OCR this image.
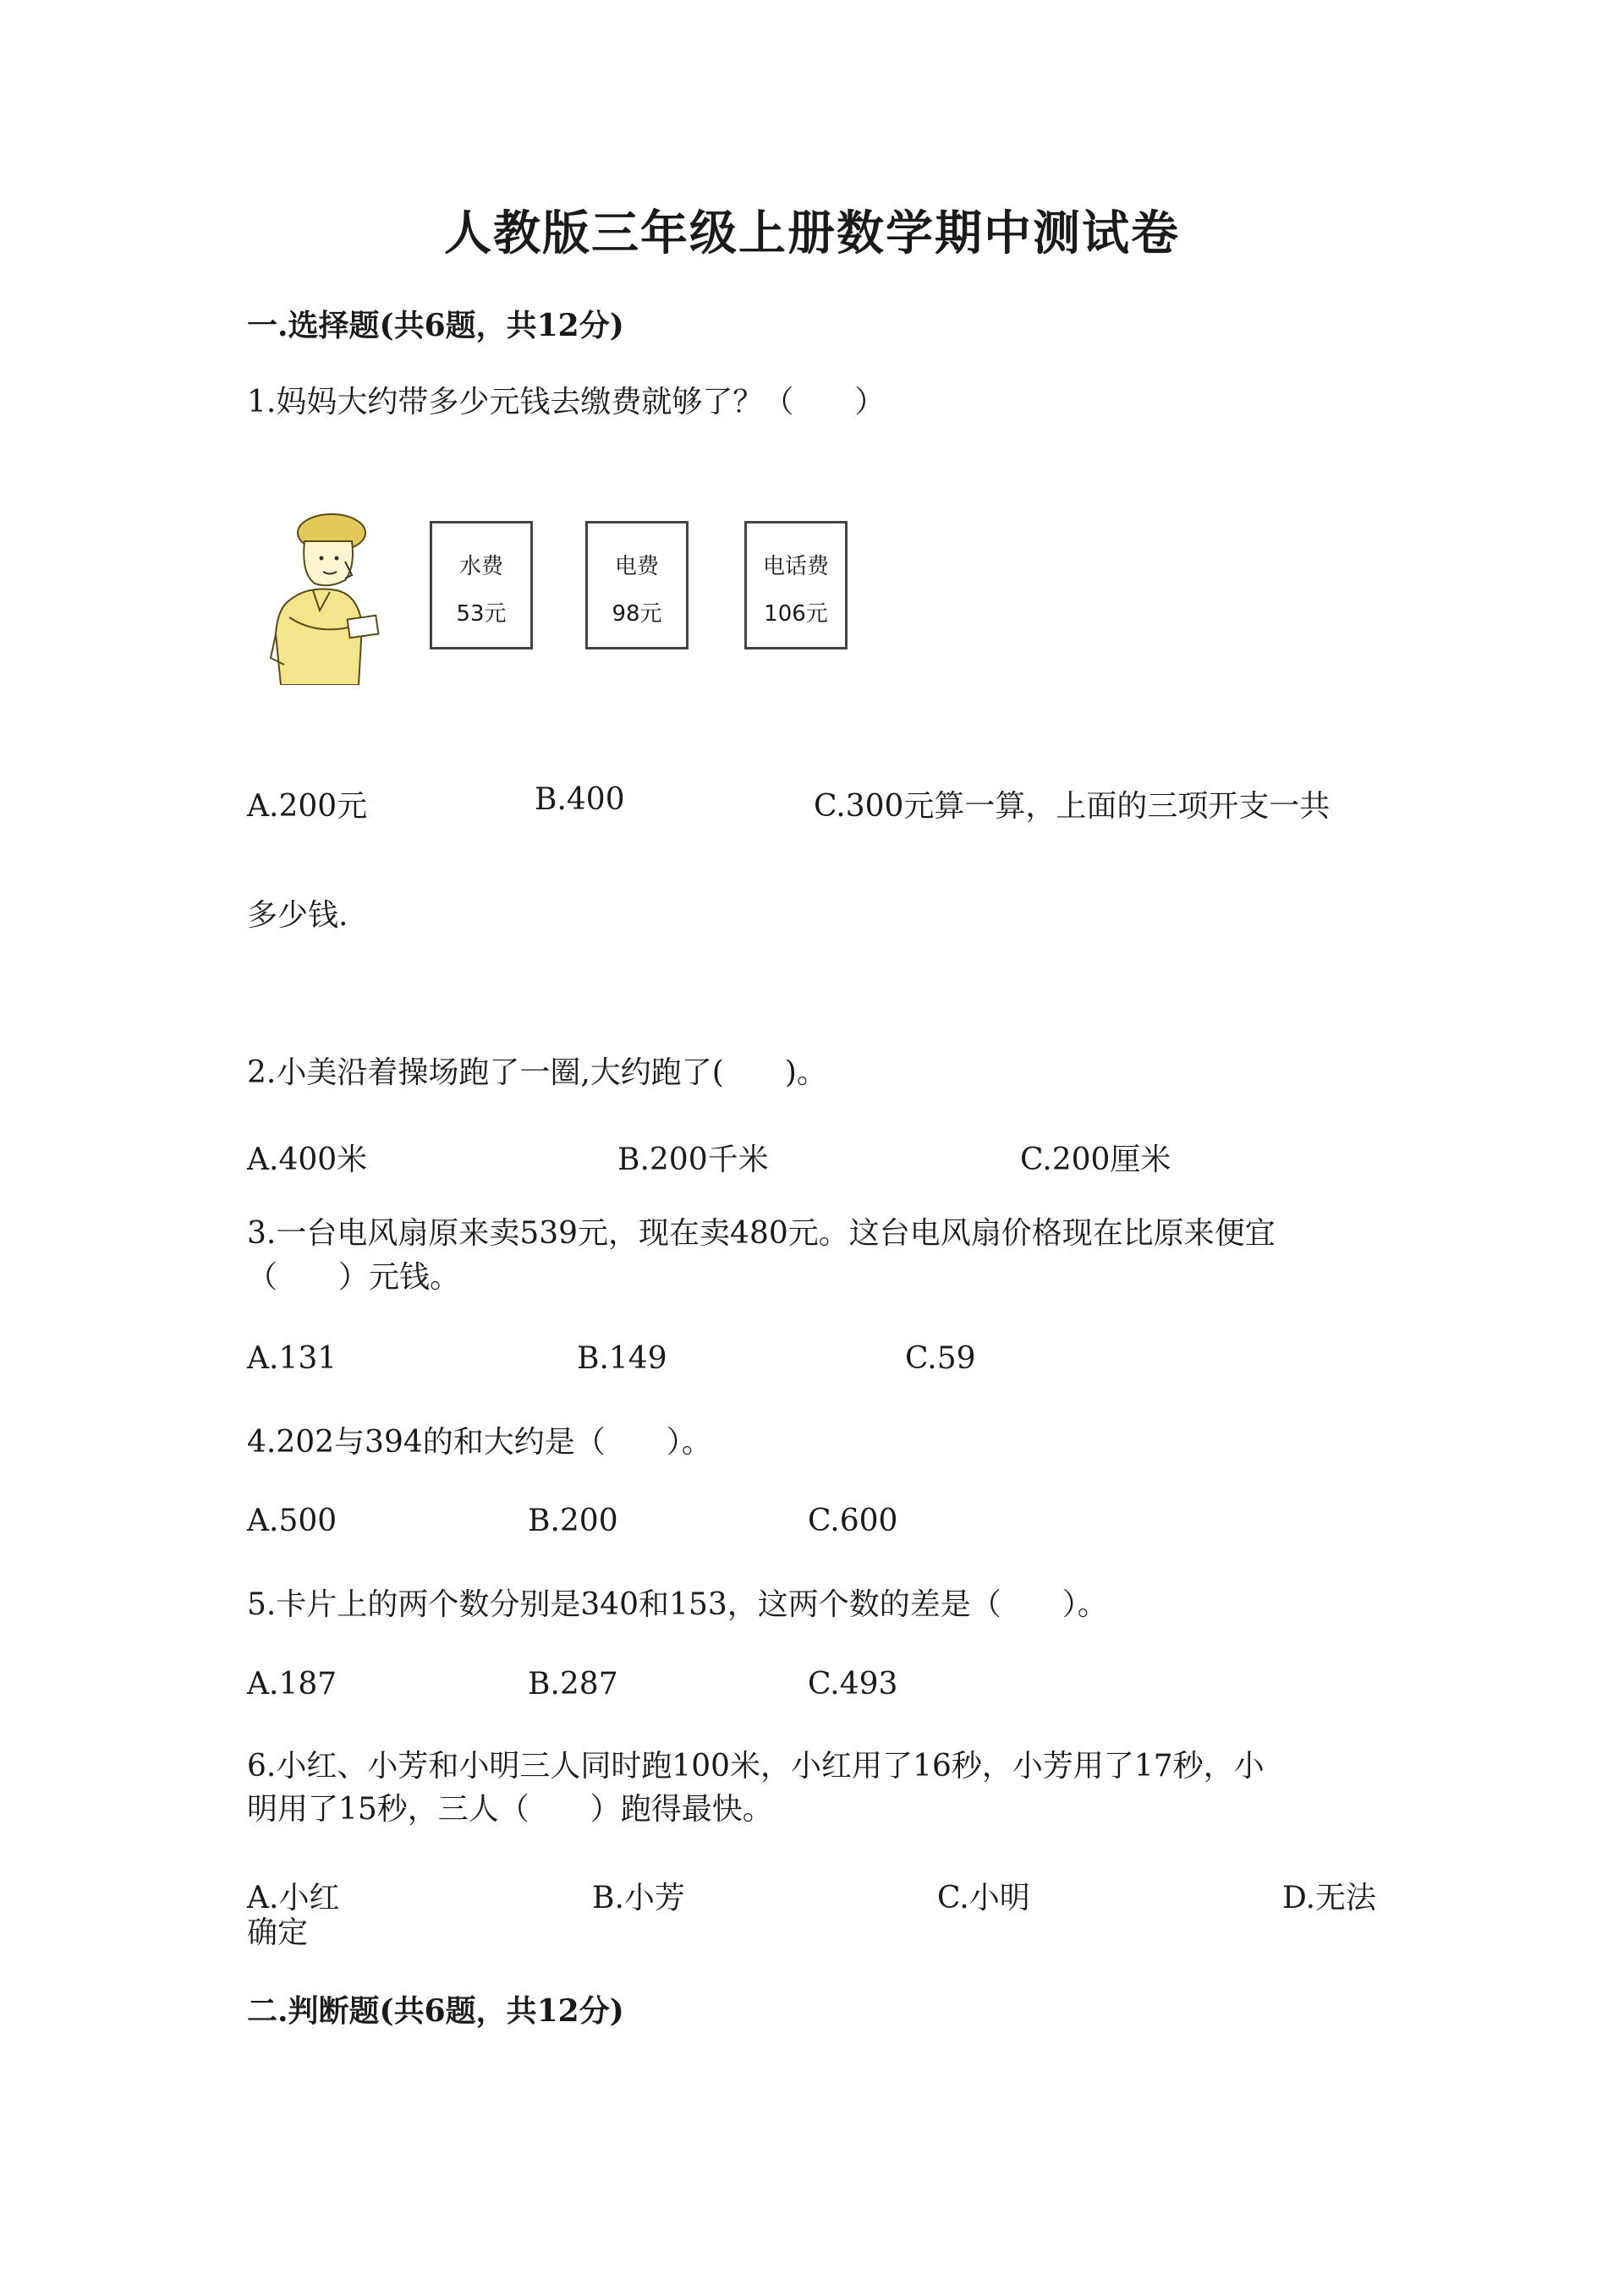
人教版三年级上册数学期中测试卷
一.选择题(共6题，共12分)
1.妈妈大约带多少元钱去缴费就够了？（　　）
水费
53元
电费
98元
电话费
106元
A.200元	B.400	C.300元算一算，上面的三项开支一共
多少钱.
2.小美沿着操场跑了一圈,大约跑了(　　)。
A.400米	B.200千米	C.200厘米
3.一台电风扇原来卖539元，现在卖480元。这台电风扇价格现在比原来便宜
（　　）元钱。
A.131	B.149	C.59
4.202与394的和大约是（　　）。
A.500	B.200	C.600
5.卡片上的两个数分别是340和153，这两个数的差是（　　）。
A.187	B.287	C.493
6.小红、小芳和小明三人同时跑100米，小红用了16秒，小芳用了17秒，小
明用了15秒，三人（　　）跑得最快。
A.小红	B.小芳	C.小明	D.无法
确定
二.判断题(共6题，共12分)
